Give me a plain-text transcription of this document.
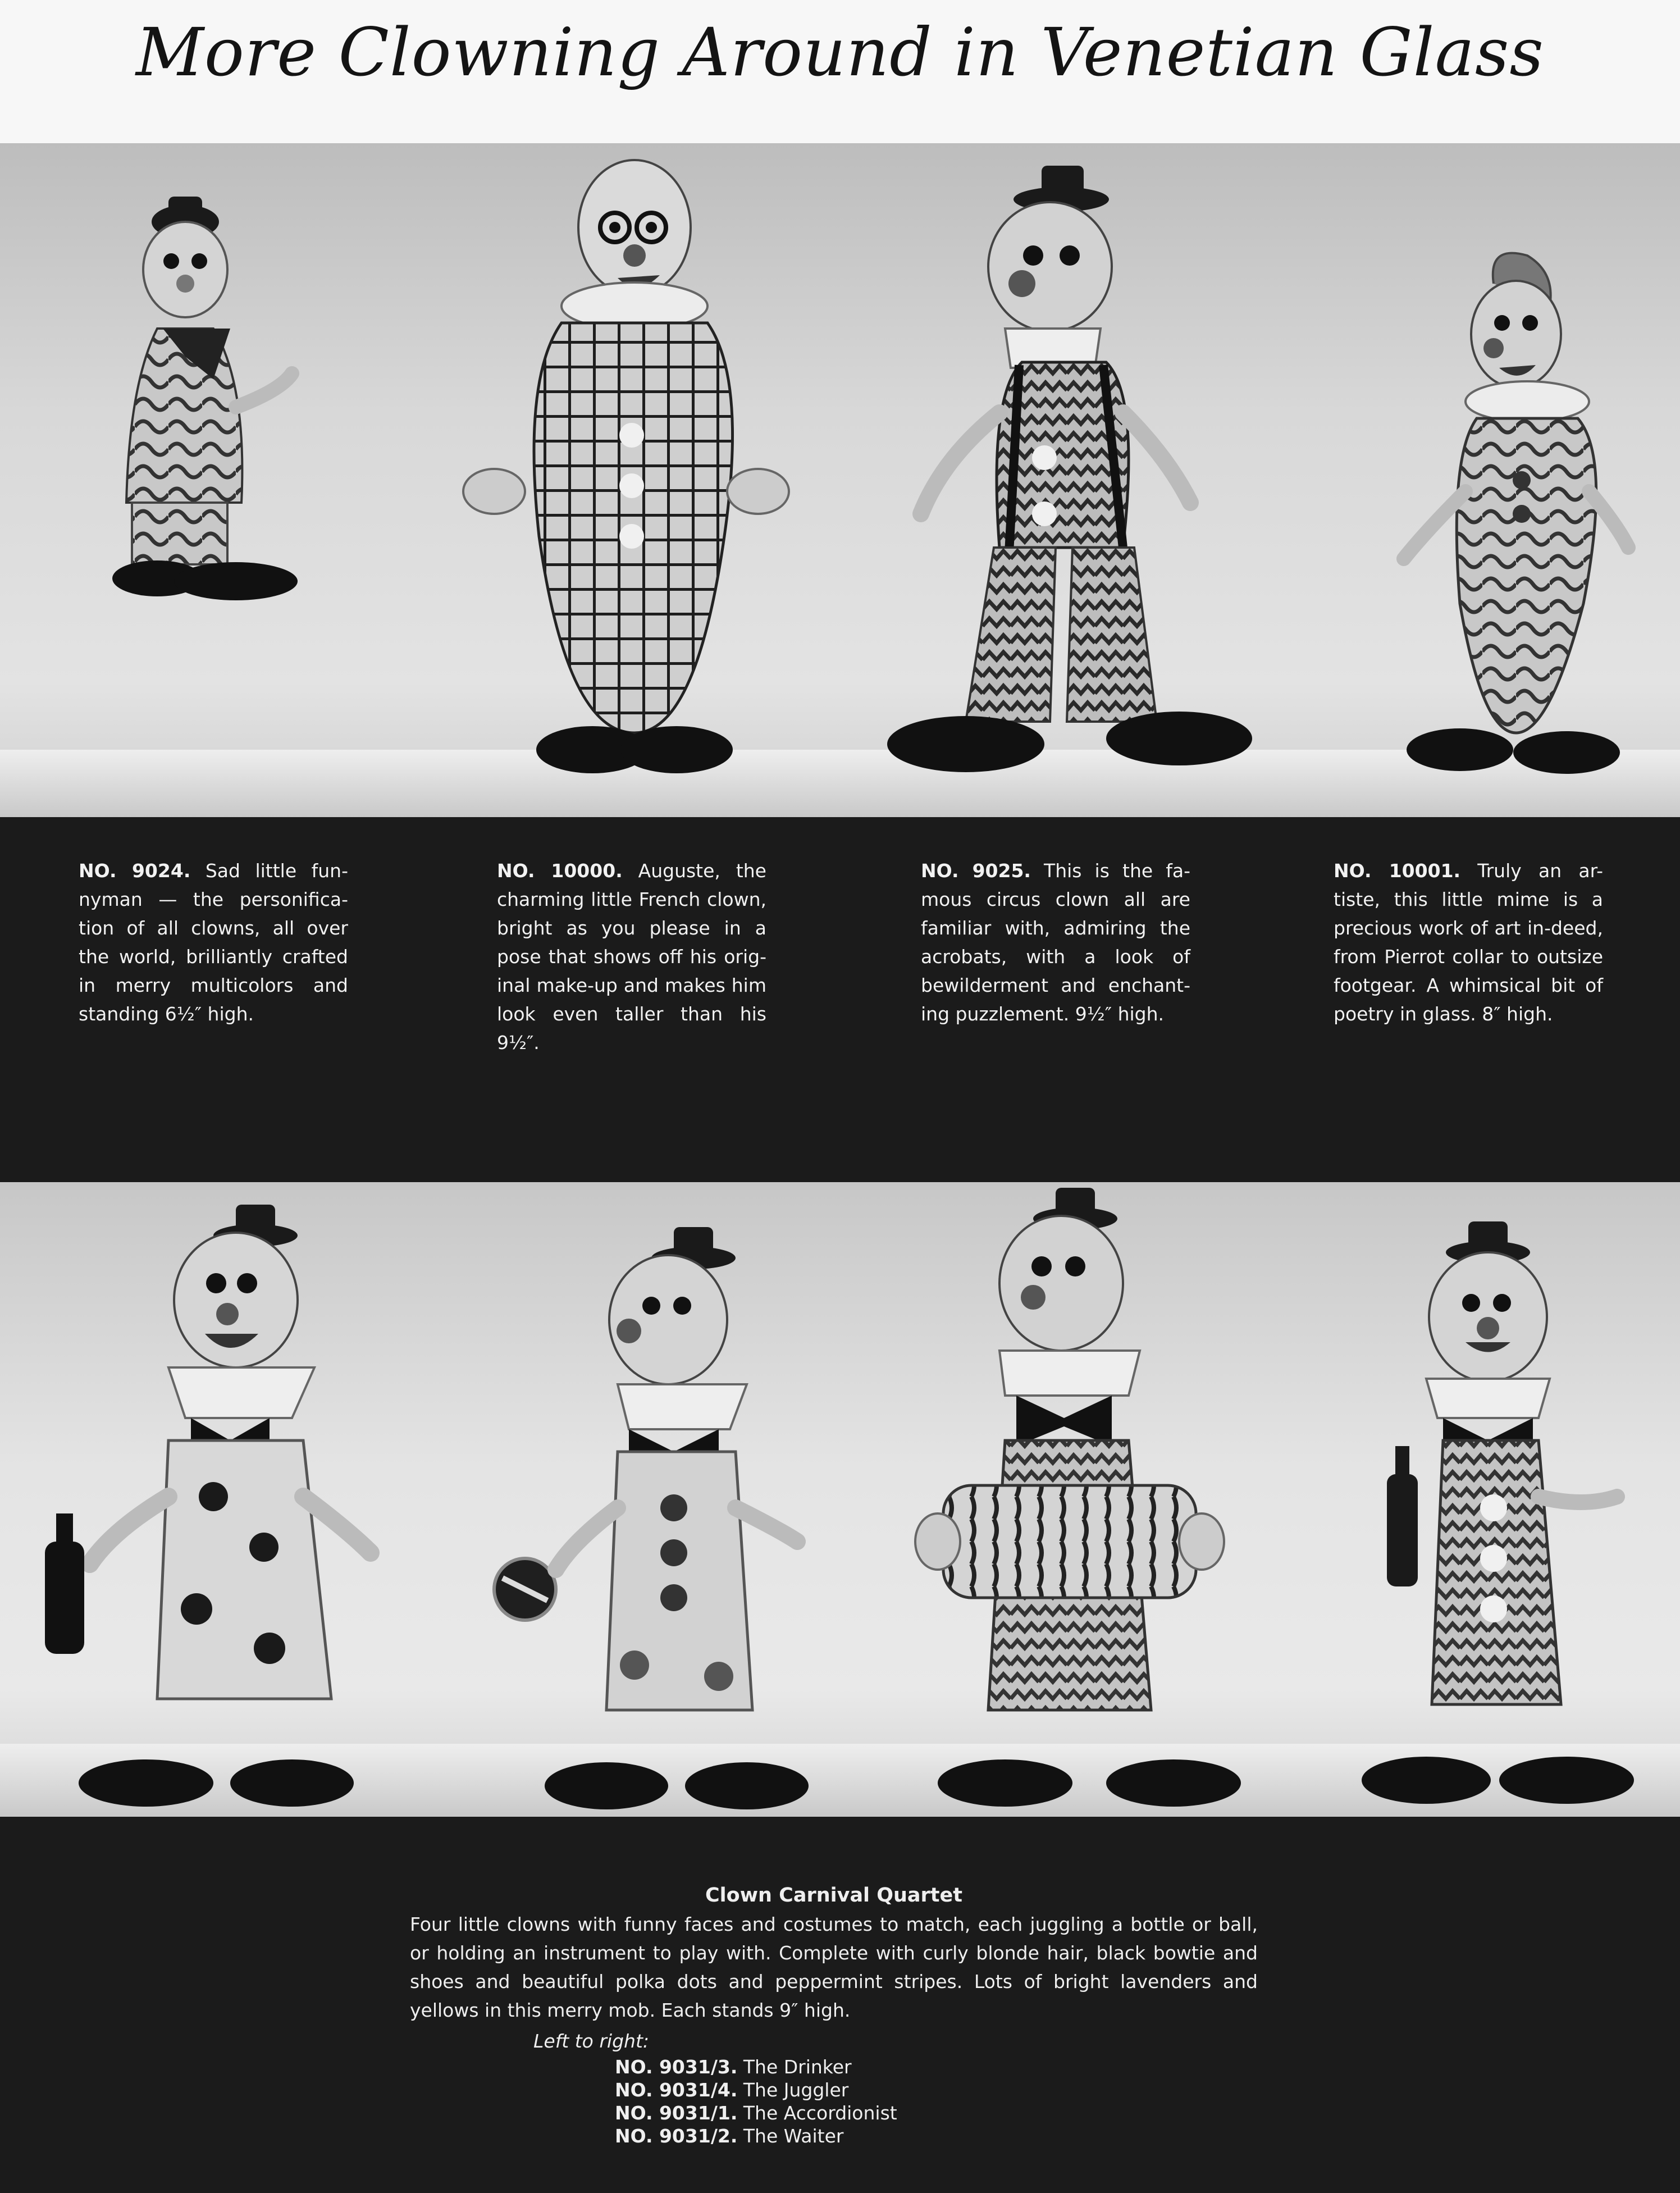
More Clowning Around in Venetian Glass
NO. 9024. Sad little fun-nyman — the personifica-tion of all clowns, all over the world, brilliantly crafted in merry multicolors and standing 6½″ high.
NO. 10000. Auguste, the charming little French clown, bright as you please in a pose that shows off his orig-inal make-up and makes him look even taller than his 9½″.
NO. 9025. This is the fa-mous circus clown all are familiar with, admiring the acrobats, with a look of bewilderment and enchant-ing puzzlement. 9½″ high.
NO. 10001. Truly an ar-tiste, this little mime is a precious work of art in-deed, from Pierrot collar to outsize footgear. A whimsical bit of poetry in glass. 8″ high.
Clown Carnival Quartet
Four little clowns with funny faces and costumes to match, each juggling a bottle or ball, or holding an instrument to play with. Complete with curly blonde hair, black bowtie and shoes and beautiful polka dots and peppermint stripes. Lots of bright lavenders and yellows in this merry mob. Each stands 9″ high.
Left to right:
NO. 9031/3. The Drinker
NO. 9031/4. The Juggler
NO. 9031/1. The Accordionist
NO. 9031/2. The Waiter
